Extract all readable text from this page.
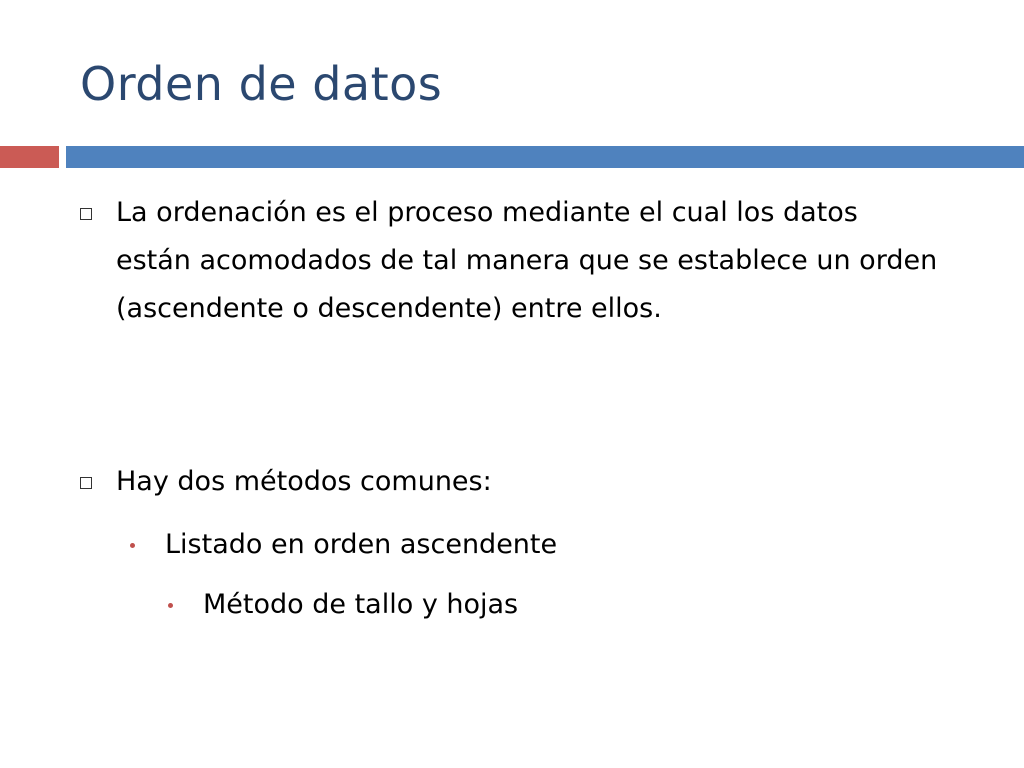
Orden de datos
La ordenación es el proceso mediante el cual los datos están acomodados de tal manera que se establece un orden (ascendente o descendente) entre ellos.
Hay dos métodos comunes:
Listado en orden ascendente
Método de tallo y hojas
